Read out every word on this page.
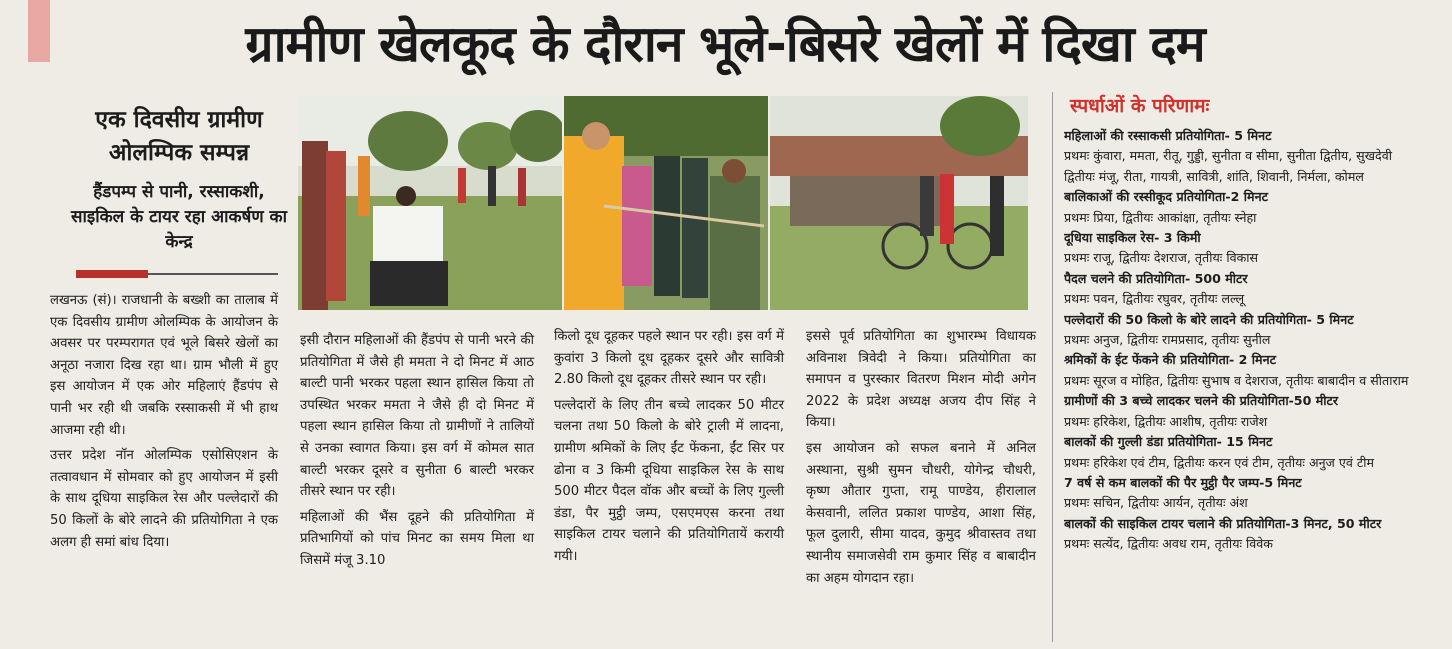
ग्रामीण खेलकूद के दौरान भूले-बिसरे खेलों में दिखा दम
एक दिवसीय ग्रामीण ओलम्पिक सम्पन्न
हैंडपम्प से पानी, रस्साकशी, साइकिल के टायर रहा आकर्षण का केन्द्र

लखनऊ (सं)। राजधानी के बख्शी का तालाब में एक दिवसीय ग्रामीण ओलम्पिक के आयोजन के अवसर पर परम्परागत एवं भूले बिसरे खेलों का अनूठा नजारा दिख रहा था। ग्राम भौली में हुए इस आयोजन में एक ओर महिलाएं हैंडपंप से पानी भर रही थी जबकि रस्साकसी में भी हाथ आजमा रही थी।

उत्तर प्रदेश नॉन ओलम्पिक एसोसिएशन के तत्वावधान में सोमवार को हुए आयोजन में इसी के साथ दूधिया साइकिल रेस और पल्लेदारों की 50 किलों के बोरे लादने की प्रतियोगिता ने एक अलग ही समां बांध दिया।

इसी दौरान महिलाओं की हैंडपंप से पानी भरने की प्रतियोगिता में जैसे ही ममता ने दो मिनट में आठ बाल्टी पानी भरकर पहला स्थान हासिल किया तो उपस्थित भरकर ममता ने जैसे ही दो मिनट में पहला स्थान हासिल किया तो ग्रामीणों ने तालियों से उनका स्वागत किया। इस वर्ग में कोमल सात बाल्टी भरकर दूसरे व सुनीता 6 बाल्टी भरकर तीसरे स्थान पर रही।

महिलाओं की भैंस दूहने की प्रतियोगिता में प्रतिभागियों को पांच मिनट का समय मिला था जिसमें मंजू 3.10

किलो दूध दूहकर पहले स्थान पर रही। इस वर्ग में कुवांरा 3 किलो दूध दूहकर दूसरे और सावित्री 2.80 किलो दूध दूहकर तीसरे स्थान पर रही।

पल्लेदारों के लिए तीन बच्चे लादकर 50 मीटर चलना तथा 50 किलो के बोरे ट्राली में लादना, ग्रामीण श्रमिकों के लिए ईंट फेंकना, ईंट सिर पर ढोना व 3 किमी दूधिया साइकिल रेस के साथ 500 मीटर पैदल वॉक और बच्चों के लिए गुल्ली डंडा, पैर मुट्ठी जम्प, एसएमएस करना तथा साइकिल टायर चलाने की प्रतियोगितायें करायी गयी।

इससे पूर्व प्रतियोगिता का शुभारम्भ विधायक अविनाश त्रिवेदी ने किया। प्रतियोगिता का समापन व पुरस्कार वितरण मिशन मोदी अगेन 2022 के प्रदेश अध्यक्ष अजय दीप सिंह ने किया।

इस आयोजन को सफल बनाने में अनिल अस्थाना, सुश्री सुमन चौधरी, योगेन्द्र चौधरी, कृष्ण औतार गुप्ता, रामू पाण्डेय, हीरालाल केसवानी, ललित प्रकाश पाण्डेय, आशा सिंह, फूल दुलारी, सीमा यादव, कुमुद श्रीवास्तव तथा स्थानीय समाजसेवी राम कुमार सिंह व बाबादीन का अहम योगदान रहा।

स्पर्धाओं के परिणामः
महिलाओं की रस्साकसी प्रतियोगिता- 5 मिनट
प्रथमः कुंवारा, ममता, रीतू, गुड्डी, सुनीता व सीमा, सुनीता द्वितीय, सुखदेवी
द्वितीयः मंजू, रीता, गायत्री, सावित्री, शांति, शिवानी, निर्मला, कोमल
बालिकाओं की रस्सीकूद प्रतियोगिता-2 मिनट
प्रथमः प्रिया, द्वितीयः आकांक्षा, तृतीयः स्नेहा
दूधिया साइकिल रेस- 3 किमी
प्रथमः राजू, द्वितीयः देशराज, तृतीयः विकास
पैदल चलने की प्रतियोगिता- 500 मीटर
प्रथमः पवन, द्वितीयः रघुवर, तृतीयः लल्लू
पल्लेदारों की 50 किलो के बोरे लादने की प्रतियोगिता- 5 मिनट
प्रथमः अनुज, द्वितीयः रामप्रसाद, तृतीयः सुनील
श्रमिकों के ईट फेंकने की प्रतियोगिता- 2 मिनट
प्रथमः सूरज व मोहित, द्वितीयः सुभाष व देशराज, तृतीयः बाबादीन व सीताराम
ग्रामीणों की 3 बच्चे लादकर चलने की प्रतियोगिता-50 मीटर
प्रथमः हरिकेश, द्वितीयः आशीष, तृतीयः राजेश
बालकों की गुल्ली डंडा प्रतियोगिता- 15 मिनट
प्रथमः हरिकेश एवं टीम, द्वितीयः करन एवं टीम, तृतीयः अनुज एवं टीम
7 वर्ष से कम बालकों की पैर मुट्ठी पैर जम्प-5 मिनट
प्रथमः सचिन, द्वितीयः आर्यन, तृतीयः अंश
बालकों की साइकिल टायर चलाने की प्रतियोगिता-3 मिनट, 50 मीटर
प्रथमः सत्येंद, द्वितीयः अवध राम, तृतीयः विवेक
